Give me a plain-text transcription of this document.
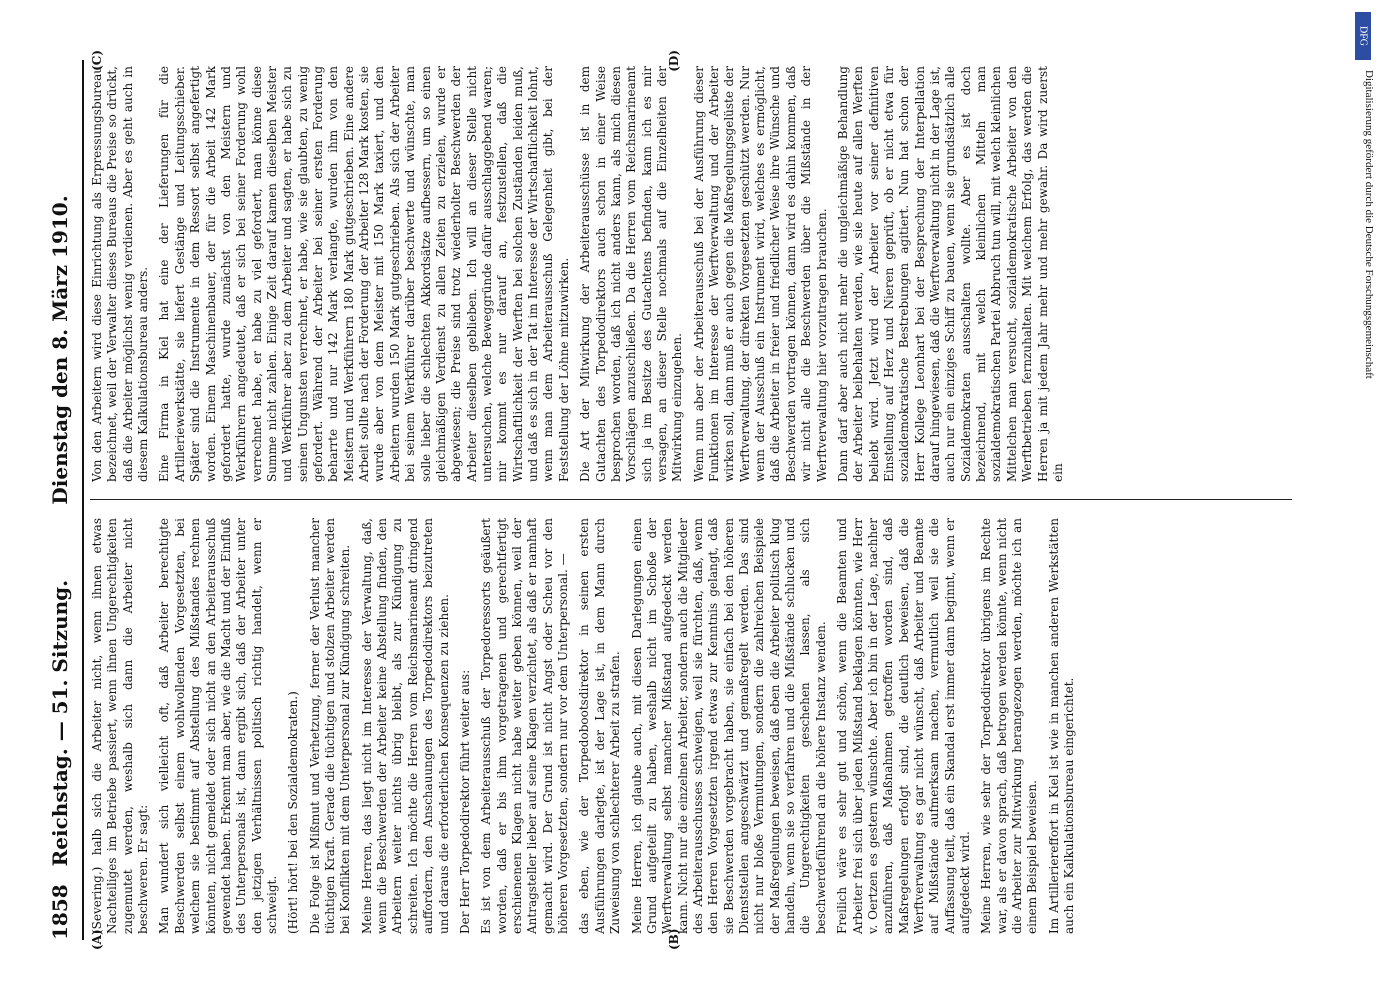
1858
Reichstag. — 51. Sitzung.
Dienstag den 8. März 1910.
(A)	(B)

(Severing.) halb sich die Arbeiter nicht, wenn ihnen etwas Nachteiliges im Betriebe passiert, wenn ihnen Ungerechtigkeiten zugemutet werden, weshalb sich dann die Arbeiter nicht beschweren. Er sagt: Man wundert sich vielleicht oft, daß Arbeiter berechtigte Beschwerden selbst einem wohlwollenden Vorgesetzten, bei welchem sie bestimmt auf Abstellung des Mißstandes rechnen könnten, nicht gemeldet oder sich nicht an den Arbeiterausschuß gewendet haben. Erkennt man aber, wie die Macht und der Einfluß des Unterpersonals ist, dann ergibt sich, daß der Arbeiter unter den jetzigen Verhältnissen politisch richtig handelt, wenn er schweigt. (Hört! hört! bei den Sozialdemokraten.) Die Folge ist Mißmut und Verhetzung, ferner der Verlust mancher tüchtigen Kraft. Gerade die tüchtigen und stolzen Arbeiter werden bei Konflikten mit dem Unterpersonal zur Kündigung schreiten. Meine Herren, das liegt nicht im Interesse der Verwaltung, daß, wenn die Beschwerden der Arbeiter keine Abstellung finden, den Arbeitern weiter nichts übrig bleibt, als zur Kündigung zu schreiten. Ich möchte die Herren vom Reichsmarineamt dringend auffordern, den Anschauungen des Torpedodirektors beizutreten und daraus die erforderlichen Konsequenzen zu ziehen. Der Herr Torpedodirektor führt weiter aus: Es ist von dem Arbeiterausschuß der Torpedoressorts geäußert worden, daß er bis ihm vorgetragenen und gerechtfertigt erschienenen Klagen nicht habe weiter geben können, weil der Antragsteller lieber auf seine Klagen verzichtet, als daß er namhaft gemacht wird. Der Grund ist nicht Angst oder Scheu vor den höheren Vorgesetzten, sondern nur vor dem Unterpersonal. — das eben, wie der Torpedobootsdirektor in seinen ersten Ausführungen darlegte, ist der Lage ist, in dem Mann durch Zuweisung von schlechterer Arbeit zu strafen. Meine Herren, ich glaube auch, mit diesen Darlegungen einen Grund aufgeteilt zu haben, weshalb nicht im Schoße der Werftverwaltung selbst mancher Mißstand aufgedeckt werden kann. Nicht nur die einzelnen Arbeiter, sondern auch die Mitglieder des Arbeiterausschusses schweigen, weil sie fürchten, daß, wenn den Herren Vorgesetzten irgend etwas zur Kenntnis gelangt, daß sie Beschwerden vorgebracht haben, sie einfach bei den höheren Dienststellen angeschwärzt und gemaßregelt werden. Das sind nicht nur bloße Vermutungen, sondern die zahlreichen Beispiele der Maßregelungen beweisen, daß eben die Arbeiter politisch klug handeln, wenn sie so verfahren und die Mißstände schlucken und die Ungerechtigkeiten geschehen lassen, als sich beschwerdeführend an die höhere Instanz wenden. Freilich wäre es sehr gut und schön, wenn die Beamten und Arbeiter frei sich über jeden Mißstand beklagen könnten, wie Herr v. Oertzen es gestern wünschte. Aber ich bin in der Lage, nachher anzuführen, daß Maßnahmen getroffen worden sind, daß Maßregelungen erfolgt sind, die deutlich beweisen, daß die Werftverwaltung es gar nicht wünscht, daß Arbeiter und Beamte auf Mißstände aufmerksam machen, vermutlich weil sie die Auffassung teilt, daß ein Skandal erst immer dann beginnt, wenn er aufgedeckt wird. Meine Herren, wie sehr der Torpedodirektor übrigens im Rechte war, als er davon sprach, daß betrogen werden könnte, wenn nicht die Arbeiter zur Mitwirkung herangezogen werden, möchte ich an einem Beispiel beweisen. Im Artilleriereffort in Kiel ist wie in manchen anderen Werkstätten auch ein Kalkulationsbureau eingerichtet.

(C)	(D)

Von den Arbeitern wird diese Einrichtung als Erpressungsbureau bezeichnet, weil der Verwalter dieses Bureaus die Preise so drückt, daß die Arbeiter möglichst wenig verdienen. Aber es geht auch in diesem Kalkulationsbureau anders. Eine Firma in Kiel hat eine der Lieferungen für die Artilleriewerkstätte, sie liefert Gestänge und Leitungsschieber. Später sind die Instrumente in dem Ressort selbst angefertigt worden. Einem Maschinenbauer, der für die Arbeit 142 Mark gefordert hatte, wurde zunächst von den Meistern und Werkführern angedeutet, daß er sich bei seiner Forderung wohl verrechnet habe, er habe zu viel gefordert, man könne diese Summe nicht zahlen. Einige Zeit darauf kamen dieselben Meister und Werkführer aber zu dem Arbeiter und sagten, er habe sich zu seinen Ungunsten verrechnet, er habe, wie sie glaubten, zu wenig gefordert. Während der Arbeiter bei seiner ersten Forderung beharrte und nur 142 Mark verlangte, wurden ihm von den Meistern und Werkführern 180 Mark gutgeschrieben. Eine andere Arbeit sollte nach der Forderung der Arbeiter 128 Mark kosten, sie wurde aber von dem Meister mit 150 Mark taxiert, und den Arbeitern wurden 150 Mark gutgeschrieben. Als sich der Arbeiter bei seinem Werkführer darüber beschwerte und wünschte, man solle lieber die schlechten Akkordsätze aufbessern, um so einen gleichmäßigen Verdienst zu allen Zeiten zu erzielen, wurde er abgewiesen; die Preise sind trotz wiederholter Beschwerden der Arbeiter dieselben geblieben. Ich will an dieser Stelle nicht untersuchen, welche Beweggründe dafür ausschlaggebend waren; mir kommt es nur darauf an, festzustellen, daß die Wirtschaftlichkeit der Werften bei solchen Zuständen leiden muß, und daß es sich in der Tat im Interesse der Wirtschaftlichkeit lohnt, wenn man dem Arbeiterausschuß Gelegenheit gibt, bei der Feststellung der Löhne mitzuwirken. Die Art der Mitwirkung der Arbeiterausschüsse ist in dem Gutachten des Torpedodirektors auch schon in einer Weise besprochen worden, daß ich nicht anders kann, als mich diesen Vorschlägen anzuschließen. Da die Herren vom Reichsmarineamt sich ja im Besitze des Gutachtens befinden, kann ich es mir versagen, an dieser Stelle nochmals auf die Einzelheiten der Mitwirkung einzugehen. Wenn nun aber der Arbeiterausschuß bei der Ausführung dieser Funktionen im Interesse der Werftverwaltung und der Arbeiter wirken soll, dann muß er auch gegen die Maßregelungsgelüste der Werftverwaltung, der direkten Vorgesetzten geschützt werden. Nur wenn der Ausschuß ein Instrument wird, welches es ermöglicht, daß die Arbeiter in freier und friedlicher Weise ihre Wünsche und Beschwerden vortragen können, dann wird es dahin kommen, daß wir nicht alle die Beschwerden über die Mißstände in der Werftverwaltung hier vorzutragen brauchen. Dann darf aber auch nicht mehr die ungleichmäßige Behandlung der Arbeiter beibehalten werden, wie sie heute auf allen Werften beliebt wird. Jetzt wird der Arbeiter vor seiner definitiven Einstellung auf Herz und Nieren geprüft, ob er nicht etwa für sozialdemokratische Bestrebungen agitiert. Nun hat schon der Herr Kollege Leonhart bei der Besprechung der Interpellation darauf hingewiesen, daß die Werftverwaltung nicht in der Lage ist, auch nur ein einziges Schiff zu bauen, wenn sie grundsätzlich alle Sozialdemokraten ausschalten wollte. Aber es ist doch bezeichnend, mit welch kleinlichen Mitteln man sozialdemokratischen Partei Abbruch tun will, mit welch kleinlichen Mittelchen man versucht, sozialdemokratische Arbeiter von den Werftbetrieben fernzuhalten. Mit welchem Erfolg, das werden die Herren ja mit jedem Jahr mehr und mehr gewahr. Da wird zuerst ein

DFG
Digitalisierung gefördert durch die Deutsche Forschungsgemeinschaft
